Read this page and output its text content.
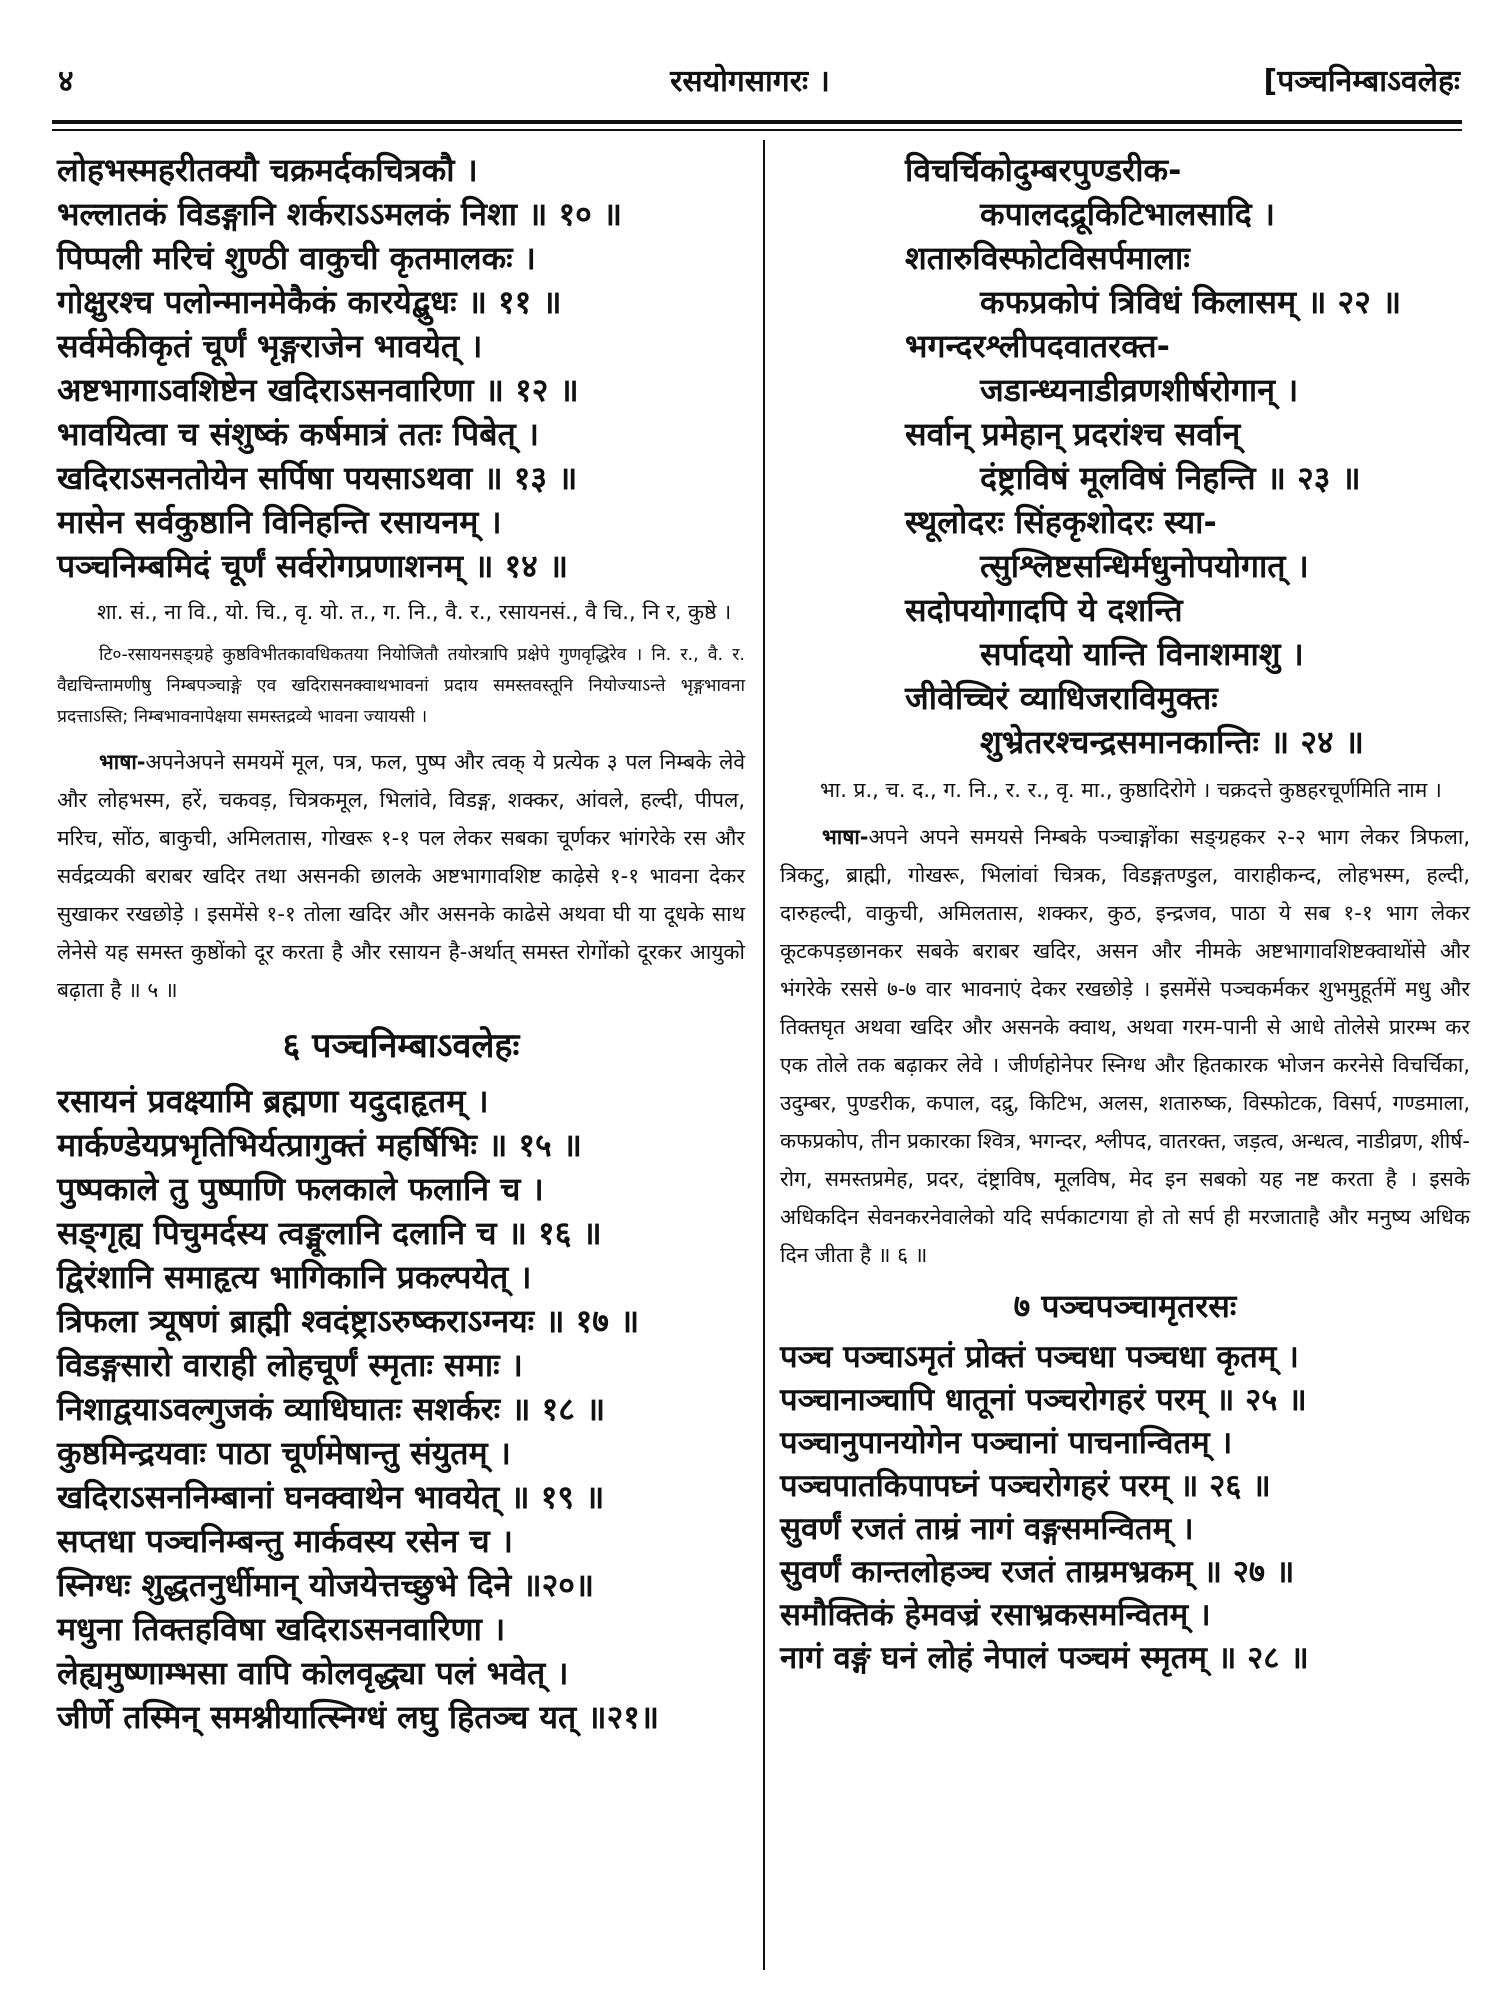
रसयोगसागरः ।
४	[पञ्चनिम्बाऽवलेहः

लोहभस्महरीतक्यौ चक्रमर्दकचित्रकौ ।

भल्लातकं विडङ्गानि शर्कराऽऽमलकं निशा ॥ १० ॥

पिप्पली मरिचं शुण्ठी वाकुची कृतमालकः ।

गोक्षुरश्च पलोन्मानमेकैकं कारयेद्बुधः ॥ ११ ॥

सर्वमेकीकृतं चूर्णं भृङ्गराजेन भावयेत् ।

अष्टभागाऽवशिष्टेन खदिराऽसनवारिणा ॥ १२ ॥

भावयित्वा च संशुष्कं कर्षमात्रं ततः पिबेत् ।

खदिराऽसनतोयेन सर्पिषा पयसाऽथवा ॥ १३ ॥

मासेन सर्वकुष्ठानि विनिहन्ति रसायनम् ।

पञ्चनिम्बमिदं चूर्णं सर्वरोगप्रणाशनम् ॥ १४ ॥

शा. सं., ना वि., यो. चि., वृ. यो. त., ग. नि., वै. र., रसायनसं., वै चि., नि र, कुष्ठे ।

टि०-रसायनसङ्ग्रहे कुष्ठविभीतकावधिकतया नियोजितौ तयोरत्रापि प्रक्षेपे गुणवृद्धिरेव । नि. र., वै. र. वैद्यचिन्तामणीषु निम्बपञ्चाङ्गे एव खदिरासनक्वाथभावनां प्रदाय समस्तवस्तूनि नियोज्याऽन्ते भृङ्गभावना प्रदत्ताऽस्ति; निम्बभावनापेक्षया समस्तद्रव्ये भावना ज्यायसी ।

भाषा-अपनेअपने समयमें मूल, पत्र, फल, पुष्प और त्वक् ये प्रत्येक ३ पल निम्बके लेवे और लोहभस्म, हरें, चकवड़, चित्रकमूल, भिलांवे, विडङ्ग, शक्कर, आंवले, हल्दी, पीपल, मरिच, सोंठ, बाकुची, अमिलतास, गोखरू १-१ पल लेकर सबका चूर्णकर भांगरेके रस और सर्वद्रव्यकी बराबर खदिर तथा असनकी छालके अष्टभागावशिष्ट काढ़ेसे १-१ भावना देकर सुखाकर रखछोड़े । इसमेंसे १-१ तोला खदिर और असनके काढेसे अथवा घी या दूधके साथ लेनेसे यह समस्त कुष्ठोंको दूर करता है और रसायन है-अर्थात् समस्त रोगोंको दूरकर आयुको बढ़ाता है ॥ ५ ॥

६ पञ्चनिम्बाऽवलेहः

रसायनं प्रवक्ष्यामि ब्रह्मणा यदुदाहृतम् ।

मार्कण्डेयप्रभृतिभिर्यत्प्रागुक्तं महर्षिभिः ॥ १५ ॥

पुष्पकाले तु पुष्पाणि फलकाले फलानि च ।

सङ्गृह्य पिचुमर्दस्य त्वङ्मूलानि दलानि च ॥ १६ ॥

द्विरंशानि समाहृत्य भागिकानि प्रकल्पयेत् ।

त्रिफला त्र्यूषणं ब्राह्मी श्वदंष्ट्राऽरुष्कराऽग्नयः ॥ १७ ॥

विडङ्गसारो वाराही लोहचूर्णं स्मृताः समाः ।

निशाद्वयाऽवल्गुजकं व्याधिघातः सशर्करः ॥ १८ ॥

कुष्ठमिन्द्रयवाः पाठा चूर्णमेषान्तु संयुतम् ।

खदिराऽसननिम्बानां घनक्वाथेन भावयेत् ॥ १९ ॥

सप्तधा पञ्चनिम्बन्तु मार्कवस्य रसेन च ।

स्निग्धः शुद्धतनुर्धीमान् योजयेत्तच्छुभे दिने ॥२०॥

मधुना तिक्तहविषा खदिराऽसनवारिणा ।

लेह्यमुष्णाम्भसा वापि कोलवृद्ध्या पलं भवेत् ।

जीर्णे तस्मिन् समश्नीयात्स्निग्धं लघु हितञ्च यत् ॥२१॥

विचर्चिकोदुम्बरपुण्डरीक-
कपालदद्रूकिटिभालसादि ।

शतारुविस्फोटविसर्पमालाः
कफप्रकोपं त्रिविधं किलासम् ॥ २२ ॥

भगन्दरश्लीपदवातरक्त-
जडान्ध्यनाडीव्रणशीर्षरोगान् ।

सर्वान् प्रमेहान् प्रदरांश्च सर्वान्
दंष्ट्राविषं मूलविषं निहन्ति ॥ २३ ॥

स्थूलोदरः सिंहकृशोदरः स्या-
त्सुश्लिष्टसन्धिर्मधुनोपयोगात् ।

सदोपयोगादपि ये दशन्ति
सर्पादयो यान्ति विनाशमाशु ।

जीवेच्चिरं व्याधिजराविमुक्तः
शुभ्रेतरश्चन्द्रसमानकान्तिः ॥ २४ ॥

भा. प्र., च. द., ग. नि., र. र., वृ. मा., कुष्ठादिरोगे । चक्रदत्ते कुष्ठहरचूर्णमिति नाम ।

भाषा-अपने अपने समयसे निम्बके पञ्चाङ्गोंका सङ्ग्रहकर २-२ भाग लेकर त्रिफला, त्रिकटु, ब्राह्मी, गोखरू, भिलांवां चित्रक, विडङ्गतण्डुल, वाराहीकन्द, लोहभस्म, हल्दी, दारुहल्दी, वाकुची, अमिलतास, शक्कर, कुठ, इन्द्रजव, पाठा ये सब १-१ भाग लेकर कूटकपड़छानकर सबके बराबर खदिर, असन और नीमके अष्टभागावशिष्टक्वाथोंसे और भंगरेके रससे ७-७ वार भावनाएं देकर रखछोड़े । इसमेंसे पञ्चकर्मकर शुभमुहूर्तमें मधु और तिक्तघृत अथवा खदिर और असनके क्वाथ, अथवा गरम-पानी से आधे तोलेसे प्रारम्भ कर एक तोले तक बढ़ाकर लेवे । जीर्णहोनेपर स्निग्ध और हितकारक भोजन करनेसे विचर्चिका, उदुम्बर, पुण्डरीक, कपाल, दद्रु, किटिभ, अलस, शतारुष्क, विस्फोटक, विसर्प, गण्डमाला, कफप्रकोप, तीन प्रकारका श्वित्र, भगन्दर, श्लीपद, वातरक्त, जड़त्व, अन्धत्व, नाडीव्रण, शीर्ष-रोग, समस्तप्रमेह, प्रदर, दंष्ट्राविष, मूलविष, मेद इन सबको यह नष्ट करता है । इसके अधिकदिन सेवनकरनेवालेको यदि सर्पकाटगया हो तो सर्प ही मरजाताहै और मनुष्य अधिक दिन जीता है ॥ ६ ॥

७ पञ्चपञ्चामृतरसः

पञ्च पञ्चाऽमृतं प्रोक्तं पञ्चधा पञ्चधा कृतम् ।

पञ्चानाञ्चापि धातूनां पञ्चरोगहरं परम् ॥ २५ ॥

पञ्चानुपानयोगेन पञ्चानां पाचनान्वितम् ।

पञ्चपातकिपापघ्नं पञ्चरोगहरं परम् ॥ २६ ॥

सुवर्णं रजतं ताम्रं नागं वङ्गसमन्वितम् ।

सुवर्णं कान्तलोहञ्च रजतं ताम्रमभ्रकम् ॥ २७ ॥

समौक्तिकं हेमवज्रं रसाभ्रकसमन्वितम् ।

नागं वङ्गं घनं लोहं नेपालं पञ्चमं स्मृतम् ॥ २८ ॥
